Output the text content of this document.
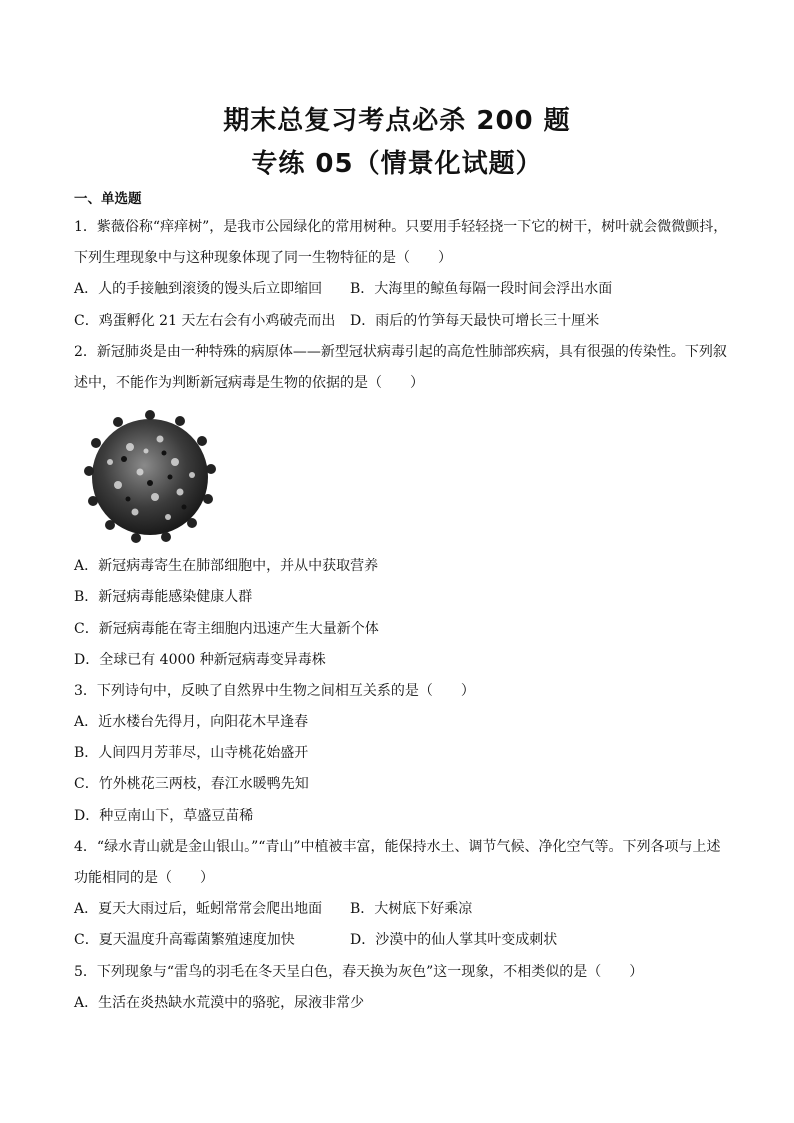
期末总复习考点必杀 200 题
专练 05（情景化试题）
一、单选题
1．紫薇俗称“痒痒树”，是我市公园绿化的常用树种。只要用手轻轻挠一下它的树干，树叶就会微微颤抖，
下列生理现象中与这种现象体现了同一生物特征的是（　　）
A．人的手接触到滚烫的馒头后立即缩回 B．大海里的鲸鱼每隔一段时间会浮出水面
C．鸡蛋孵化 21 天左右会有小鸡破壳而出 D．雨后的竹笋每天最快可增长三十厘米
2．新冠肺炎是由一种特殊的病原体——新型冠状病毒引起的高危性肺部疾病，具有很强的传染性。下列叙
述中，不能作为判断新冠病毒是生物的依据的是（　　）
A．新冠病毒寄生在肺部细胞中，并从中获取营养
B．新冠病毒能感染健康人群
C．新冠病毒能在寄主细胞内迅速产生大量新个体
D．全球已有 4000 种新冠病毒变异毒株
3．下列诗句中，反映了自然界中生物之间相互关系的是（　　）
A．近水楼台先得月，向阳花木早逢春
B．人间四月芳菲尽，山寺桃花始盛开
C．竹外桃花三两枝，春江水暖鸭先知
D．种豆南山下，草盛豆苗稀
4．“绿水青山就是金山银山。”“青山”中植被丰富，能保持水土、调节气候、净化空气等。下列各项与上述
功能相同的是（　　）
A．夏天大雨过后，蚯蚓常常会爬出地面 B．大树底下好乘凉
C．夏天温度升高霉菌繁殖速度加快	D．沙漠中的仙人掌其叶变成刺状
5．下列现象与“雷鸟的羽毛在冬天呈白色，春天换为灰色”这一现象，不相类似的是（　　）
A．生活在炎热缺水荒漠中的骆驼，尿液非常少
